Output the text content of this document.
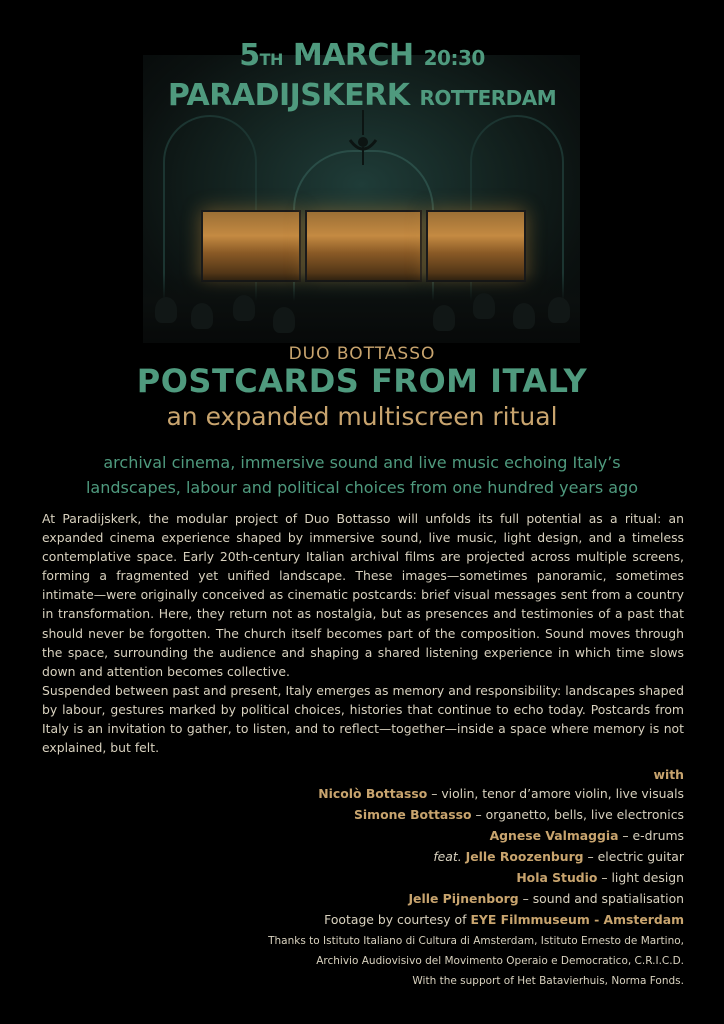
5TH MARCH 20:30
PARADIJSKERK ROTTERDAM
DUO BOTTASSO
POSTCARDS FROM ITALY
an expanded multiscreen ritual
archival cinema, immersive sound and live music echoing Italy’s
landscapes, labour and political choices from one hundred years ago

At Paradijskerk, the modular project of Duo Bottasso will unfolds its full potential as a ritual: an expanded cinema experience shaped by immersive sound, live music, light design, and a timeless contemplative space. Early 20th-century Italian archival films are projected across multiple screens, forming a fragmented yet unified landscape. These images—sometimes panoramic, sometimes intimate—were originally conceived as cinematic postcards: brief visual messages sent from a country in transformation. Here, they return not as nostalgia, but as presences and testimonies of a past that should never be forgotten. The church itself becomes part of the composition. Sound moves through the space, surrounding the audience and shaping a shared listening experience in which time slows down and attention becomes collective.

Suspended between past and present, Italy emerges as memory and responsibility: landscapes shaped by labour, gestures marked by political choices, histories that continue to echo today. Postcards from Italy is an invitation to gather, to listen, and to reflect—together—inside a space where memory is not explained, but felt.

with
Nicolò Bottasso – violin, tenor d’amore violin, live visuals
Simone Bottasso – organetto, bells, live electronics
Agnese Valmaggia – e-drums
feat. Jelle Roozenburg – electric guitar
Hola Studio – light design
Jelle Pijnenborg – sound and spatialisation
Footage by courtesy of EYE Filmmuseum - Amsterdam
Thanks to Istituto Italiano di Cultura di Amsterdam, Istituto Ernesto de Martino,
Archivio Audiovisivo del Movimento Operaio e Democratico, C.R.I.C.D.
With the support of Het Batavierhuis, Norma Fonds.
